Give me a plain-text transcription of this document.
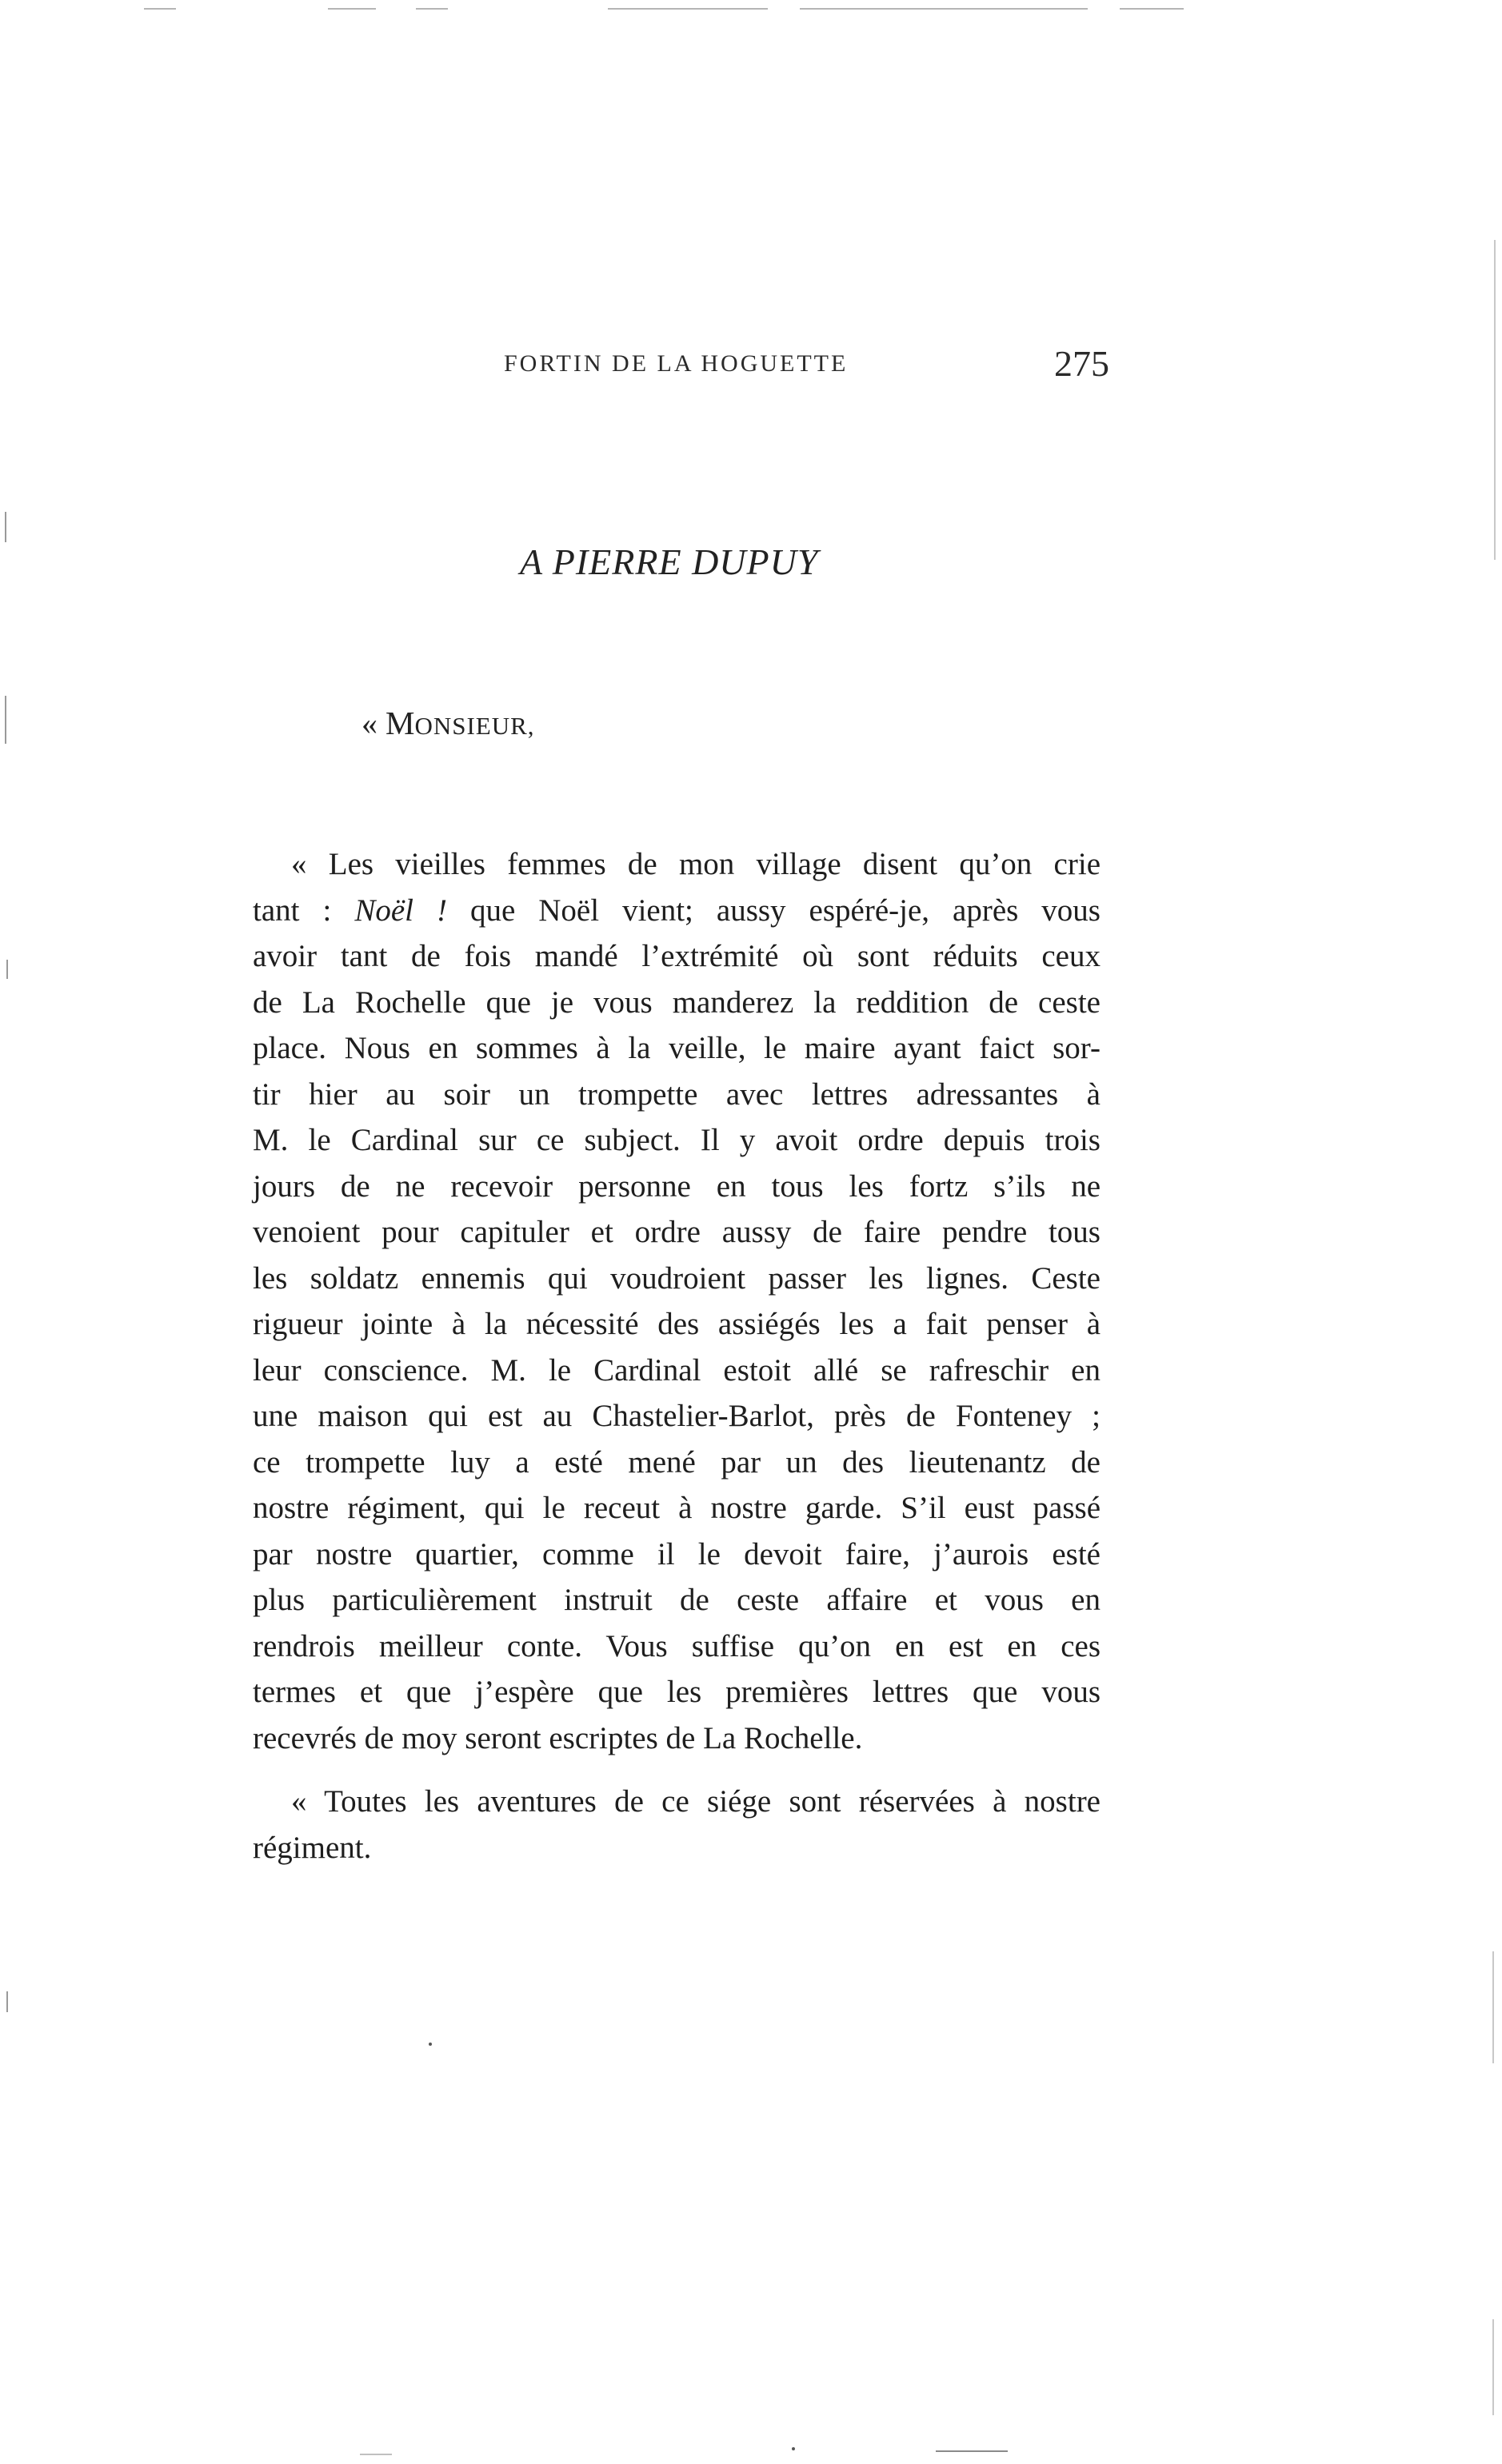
FORTIN DE LA HOGUETTE	275
A PIERRE DUPUY
« MONSIEUR,
« Les vieilles femmes de mon village disent qu’on crie
tant : Noël ! que Noël vient; aussy espéré-je, après vous
avoir tant de fois mandé l’extrémité où sont réduits ceux
de La Rochelle que je vous manderez la reddition de ceste
place. Nous en sommes à la veille, le maire ayant faict sor-
tir hier au soir un trompette avec lettres adressantes à
M. le Cardinal sur ce subject. Il y avoit ordre depuis trois
jours de ne recevoir personne en tous les fortz s’ils ne
venoient pour capituler et ordre aussy de faire pendre tous
les soldatz ennemis qui voudroient passer les lignes. Ceste
rigueur jointe à la nécessité des assiégés les a fait penser à
leur conscience. M. le Cardinal estoit allé se rafreschir en
une maison qui est au Chastelier-Barlot, près de Fonteney ;
ce trompette luy a esté mené par un des lieutenantz de
nostre régiment, qui le receut à nostre garde. S’il eust passé
par nostre quartier, comme il le devoit faire, j’aurois esté
plus particulièrement instruit de ceste affaire et vous en
rendrois meilleur conte. Vous suffise qu’on en est en ces
termes et que j’espère que les premières lettres que vous
recevrés de moy seront escriptes de La Rochelle.
« Toutes les aventures de ce siége sont réservées à nostre
régiment.
